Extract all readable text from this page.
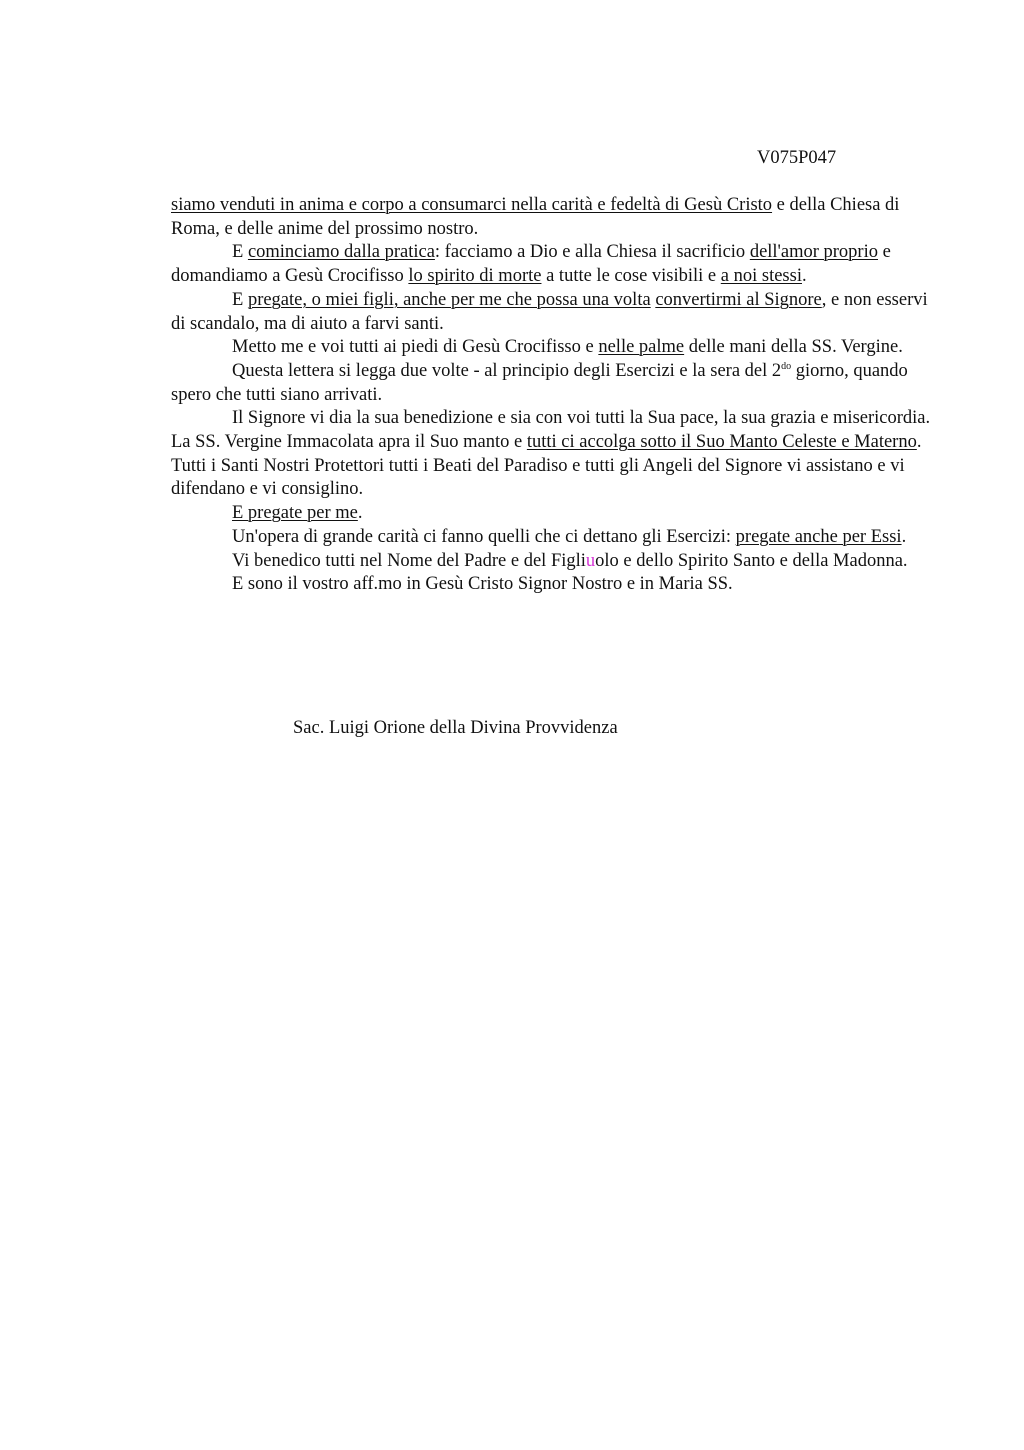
V075P047

siamo venduti in anima e corpo a consumarci nella carità e fedeltà di Gesù Cristo e della Chiesa di Roma, e delle anime del prossimo nostro.

E cominciamo dalla pratica: facciamo a Dio e alla Chiesa il sacrificio dell'amor proprio e domandiamo a Gesù Crocifisso lo spirito di morte a tutte le cose visibili e a noi stessi.

E pregate, o miei figli, anche per me che possa una volta convertirmi al Signore, e non esservi di scandalo, ma di aiuto a farvi santi.

Metto me e voi tutti ai piedi di Gesù Crocifisso e nelle palme delle mani della SS. Vergine.

Questa lettera si legga due volte - al principio degli Esercizi e la sera del $2^{do}$ giorno, quando spero che tutti siano arrivati.

Il Signore vi dia la sua benedizione e sia con voi tutti la Sua pace, la sua grazia e misericordia. La SS. Vergine Immacolata apra il Suo manto e tutti ci accolga sotto il Suo Manto Celeste e Materno. Tutti i Santi Nostri Protettori tutti i Beati del Paradiso e tutti gli Angeli del Signore vi assistano e vi difendano e vi consiglino.

E pregate per me.

Un'opera di grande carità ci fanno quelli che ci dettano gli Esercizi: pregate anche per Essi.

Vi benedico tutti nel Nome del Padre e del Figliuolo e dello Spirito Santo e della Madonna.

E sono il vostro aff.mo in Gesù Cristo Signor Nostro e in Maria SS.

Sac. Luigi Orione della Divina Provvidenza
